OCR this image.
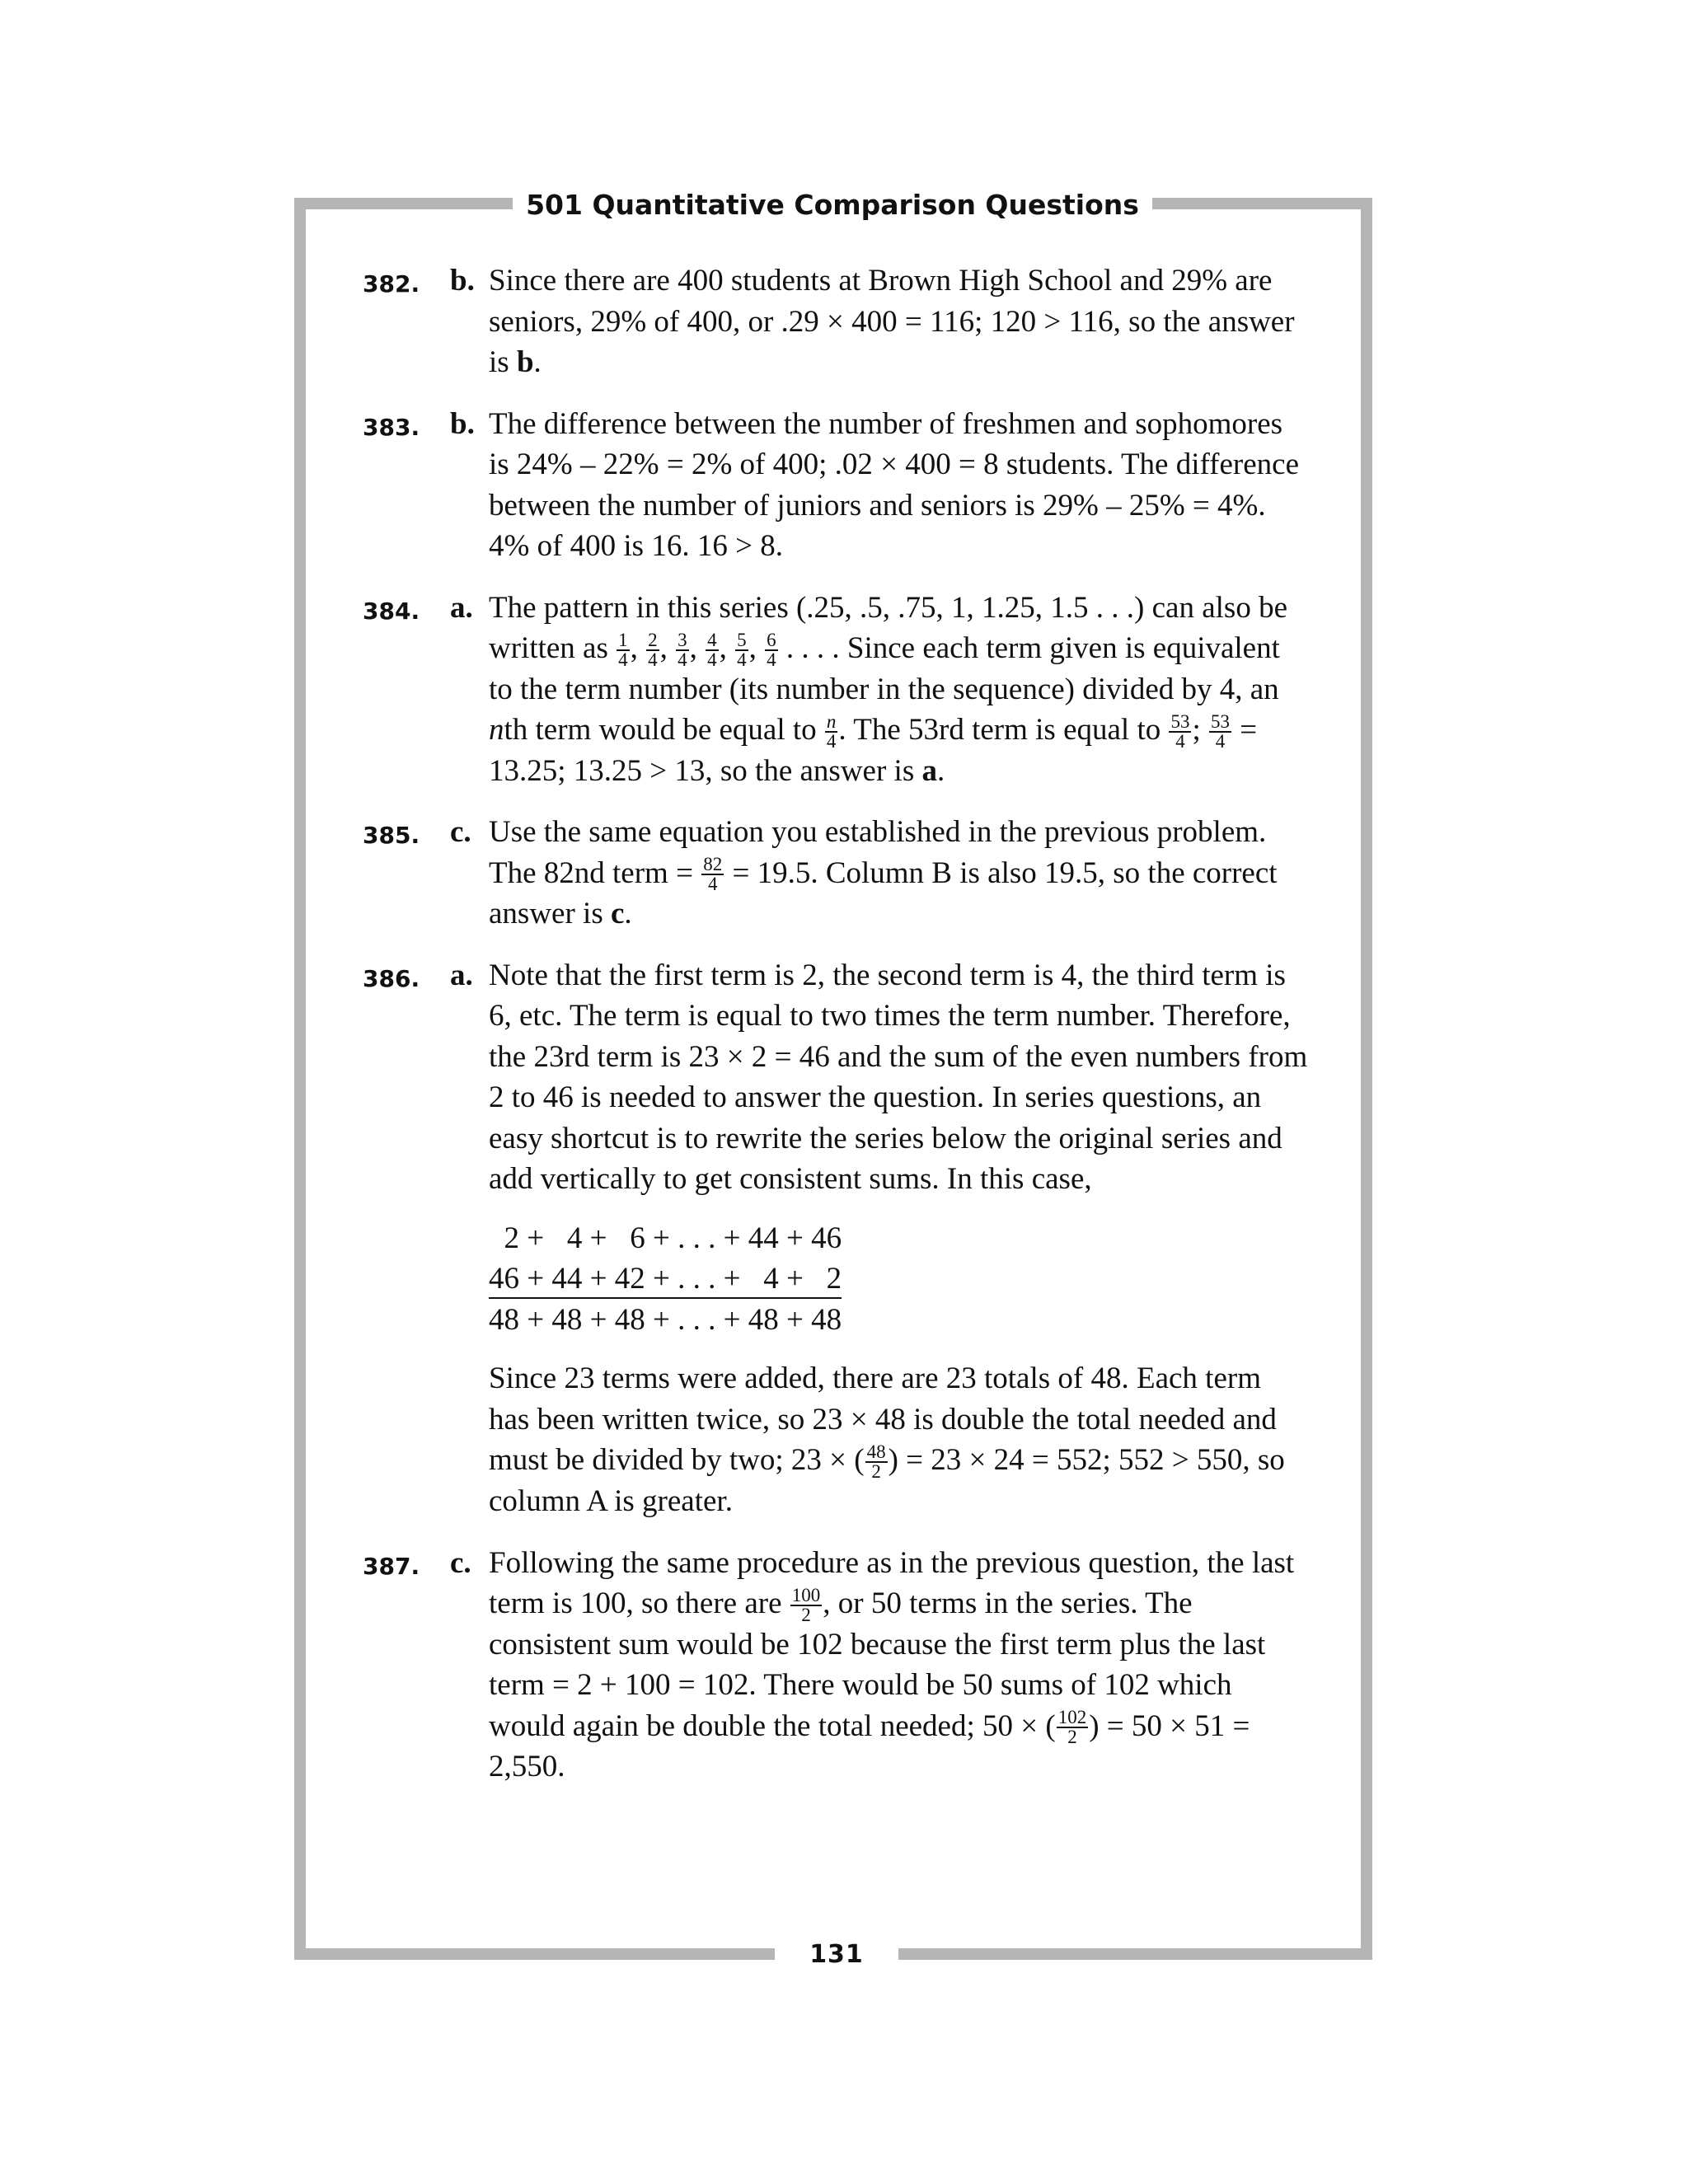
501 Quantitative Comparison Questions
131
382. b. Since there are 400 students at Brown High School and 29% are seniors, 29% of 400, or .29 × 400 = 116; 120 > 116, so the answer is b.

383. b. The difference between the number of freshmen and sophomores is 24% – 22% = 2% of 400; .02 × 400 = 8 students. The difference between the number of juniors and seniors is 29% – 25% = 4%. 4% of 400 is 16. 16 > 8.

384. a. The pattern in this series (.25, .5, .75, 1, 1.25, 1.5 . . .) can also be written as $\frac{1}{4}$ , $\frac{2}{4}$ , $\frac{3}{4}$ , $\frac{4}{4}$ , $\frac{5}{4}$ , $\frac{6}{4}$ . . . . Since each term given is equivalent to the term number (its number in the sequence) divided by 4, an nth term would be equal to $\frac{n}{4}$ . The 53rd term is equal to $\frac{53}{4}$ ; $\frac{53}{4} = 13.25$; 13.25 > 13, so the answer is a.

385. c. Use the same equation you established in the previous problem. The 82nd term = $\frac{82}{4} = 19.5$. Column B is also 19.5, so the correct answer is c.

386. a. Note that the first term is 2, the second term is 4, the third term is 6, etc. The term is equal to two times the term number. Therefore, the 23rd term is 23 × 2 = 46 and the sum of the even numbers from 2 to 46 is needed to answer the question. In series questions, an easy shortcut is to rewrite the series below the original series and add vertically to get consistent sums. In this case,

2 +   4 +   6 + . . . + 44 + 46
46 + 44 + 42 + . . . +   4 +   2
48 + 48 + 48 + . . . + 48 + 48

Since 23 terms were added, there are 23 totals of 48. Each term has been written twice, so 23 × 48 is double the total needed and must be divided by two; 23 × ( $\frac{48}{2}$ ) = 23 × 24 = 552; 552 > 550, so column A is greater.

387. c. Following the same procedure as in the previous question, the last term is 100, so there are $\frac{100}{2}$ , or 50 terms in the series. The consistent sum would be 102 because the first term plus the last term = 2 + 100 = 102. There would be 50 sums of 102 which would again be double the total needed; 50 × ( $\frac{102}{2}$ ) = 50 × 51 = 2,550.
